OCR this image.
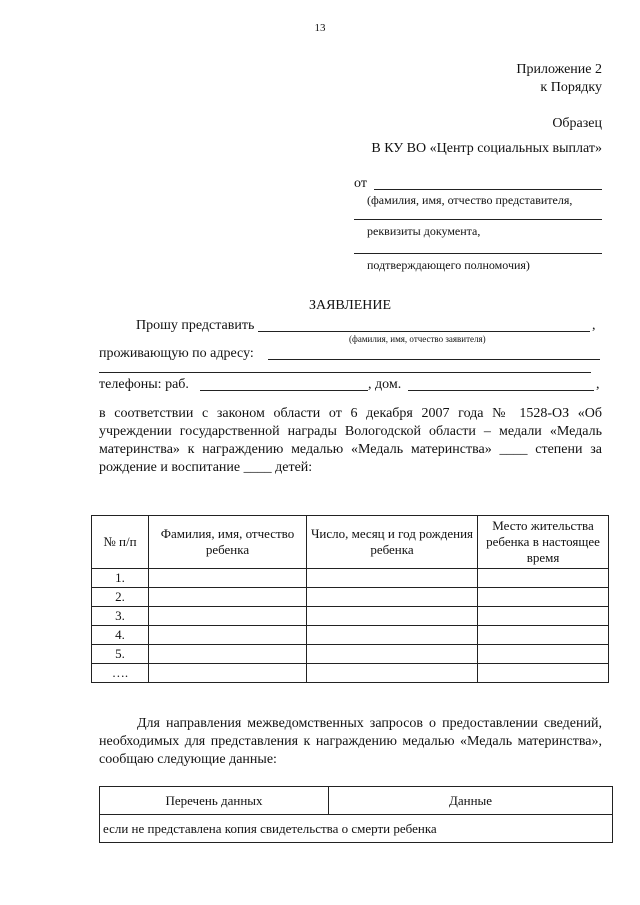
13
Приложение 2
к Порядку
Образец
В КУ ВО «Центр социальных выплат»
от
(фамилия, имя, отчество представителя,
реквизиты документа,
подтверждающего полномочия)
ЗАЯВЛЕНИЕ
Прошу представить	,
(фамилия, имя, отчество заявителя)
проживающую по адресу:
телефоны: раб.	, дом.	,
в соответствии с законом области от 6 декабря 2007 года № 1528-ОЗ «Об учреждении государственной награды Вологодской области – медали «Медаль материнства» к награждению медалью «Медаль материнства» ____ степени за рождение и воспитание ____ детей:
№ п/п	Фамилия, имя, отчество ребенка	Число, месяц и год рождения ребенка	Место жительства ребенка в настоящее время
1.			
2.			
3.			
4.			
5.			
….			
Для направления межведомственных запросов о предоставлении сведений, необходимых для представления к награждению медалью «Медаль материнства», сообщаю следующие данные:
Перечень данных	Данные
если не представлена копия свидетельства о смерти ребенка
